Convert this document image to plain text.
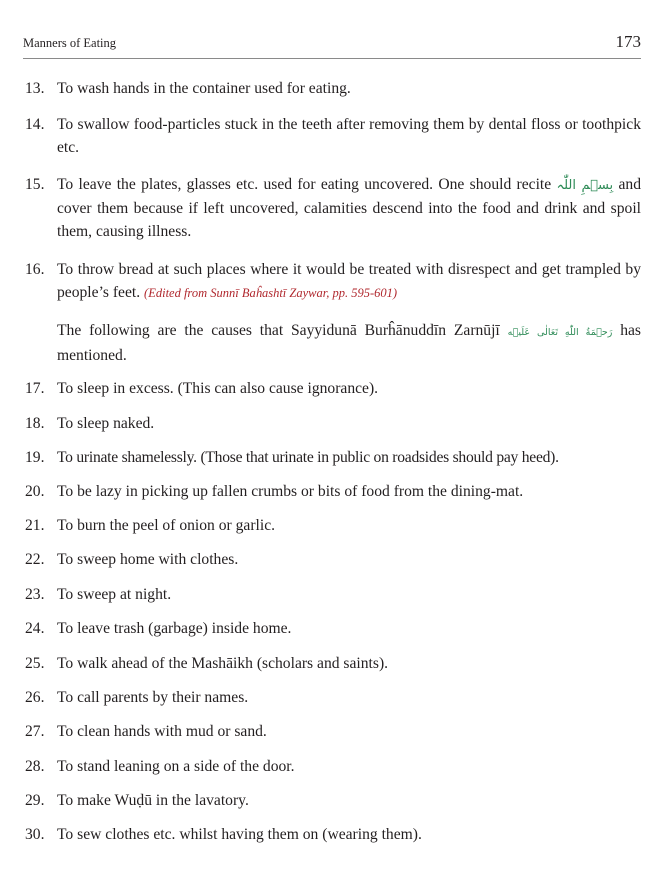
Manners of Eating	173
13. To wash hands in the container used for eating.
14. To swallow food-particles stuck in the teeth after removing them by dental floss or toothpick etc.
15. To leave the plates, glasses etc. used for eating uncovered. One should recite بِسۡمِ اللّٰہ and cover them because if left uncovered, calamities descend into the food and drink and spoil them, causing illness.
16. To throw bread at such places where it would be treated with disrespect and get trampled by people’s feet. (Edited from Sunnī Baĥashtī Zaywar, pp. 595-601)
The following are the causes that Sayyidunā Burĥānuddīn Zarnūjī رَحۡمَةُ اللّٰهِ تَعَالٰی عَلَیۡه has mentioned.
17. To sleep in excess. (This can also cause ignorance).
18. To sleep naked.
19. To urinate shamelessly. (Those that urinate in public on roadsides should pay heed).
20. To be lazy in picking up fallen crumbs or bits of food from the dining-mat.
21. To burn the peel of onion or garlic.
22. To sweep home with clothes.
23. To sweep at night.
24. To leave trash (garbage) inside home.
25. To walk ahead of the Mashāikh (scholars and saints).
26. To call parents by their names.
27. To clean hands with mud or sand.
28. To stand leaning on a side of the door.
29. To make Wuḍū in the lavatory.
30. To sew clothes etc. whilst having them on (wearing them).
